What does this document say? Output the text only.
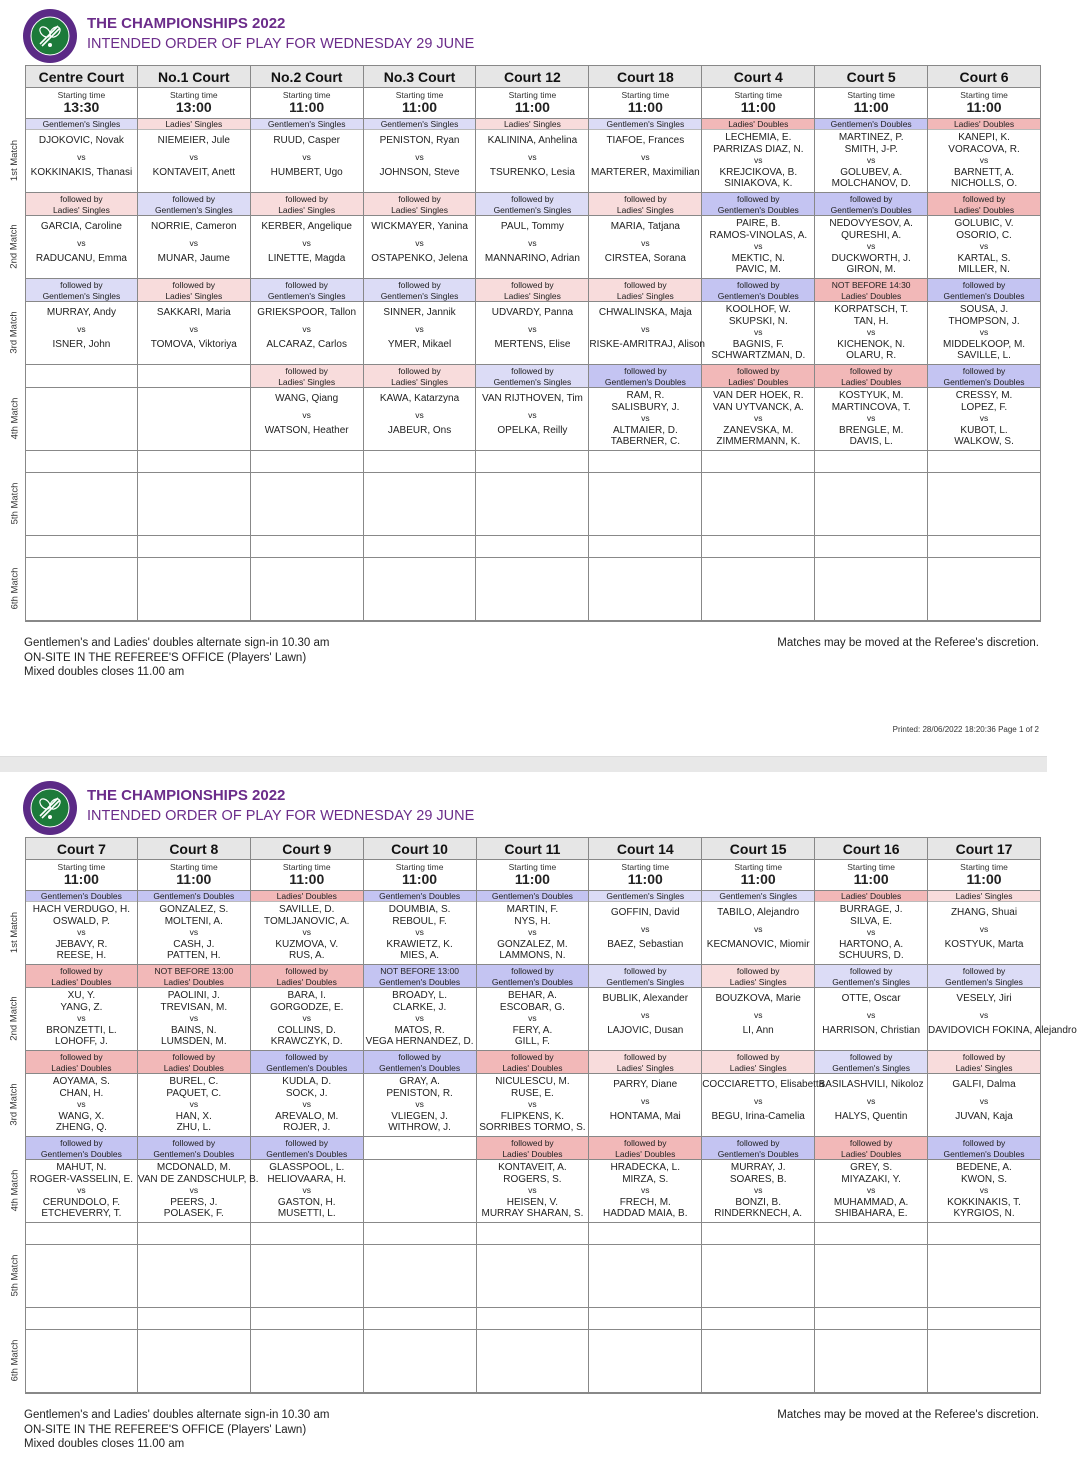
THE CHAMPIONSHIPS 2022
INTENDED ORDER OF PLAY FOR WEDNESDAY 29 JUNE
1st Match
2nd Match
3rd Match
4th Match
5th Match
6th Match
Centre Court
Starting time
13:30
Gentlemen's Singles
DJOKOVIC, Novak
vs
KOKKINAKIS, Thanasi
followed by
Ladies' Singles
GARCIA, Caroline
vs
RADUCANU, Emma
followed by
Gentlemen's Singles
MURRAY, Andy
vs
ISNER, John
No.1 Court
Starting time
13:00
Ladies' Singles
NIEMEIER, Jule
vs
KONTAVEIT, Anett
followed by
Gentlemen's Singles
NORRIE, Cameron
vs
MUNAR, Jaume
followed by
Ladies' Singles
SAKKARI, Maria
vs
TOMOVA, Viktoriya
No.2 Court
Starting time
11:00
Gentlemen's Singles
RUUD, Casper
vs
HUMBERT, Ugo
followed by
Ladies' Singles
KERBER, Angelique
vs
LINETTE, Magda
followed by
Gentlemen's Singles
GRIEKSPOOR, Tallon
vs
ALCARAZ, Carlos
followed by
Ladies' Singles
WANG, Qiang
vs
WATSON, Heather
No.3 Court
Starting time
11:00
Gentlemen's Singles
PENISTON, Ryan
vs
JOHNSON, Steve
followed by
Ladies' Singles
WICKMAYER, Yanina
vs
OSTAPENKO, Jelena
followed by
Gentlemen's Singles
SINNER, Jannik
vs
YMER, Mikael
followed by
Ladies' Singles
KAWA, Katarzyna
vs
JABEUR, Ons
Court 12
Starting time
11:00
Ladies' Singles
KALININA, Anhelina
vs
TSURENKO, Lesia
followed by
Gentlemen's Singles
PAUL, Tommy
vs
MANNARINO, Adrian
followed by
Ladies' Singles
UDVARDY, Panna
vs
MERTENS, Elise
followed by
Gentlemen's Singles
VAN RIJTHOVEN, Tim
vs
OPELKA, Reilly
Court 18
Starting time
11:00
Gentlemen's Singles
TIAFOE, Frances
vs
MARTERER, Maximilian
followed by
Ladies' Singles
MARIA, Tatjana
vs
CIRSTEA, Sorana
followed by
Ladies' Singles
CHWALINSKA, Maja
vs
RISKE-AMRITRAJ, Alison
followed by
Gentlemen's Doubles
RAM, R.
SALISBURY, J.
vs
ALTMAIER, D.
TABERNER, C.
Court 4
Starting time
11:00
Ladies' Doubles
LECHEMIA, E.
PARRIZAS DIAZ, N.
vs
KREJCIKOVA, B.
SINIAKOVA, K.
followed by
Gentlemen's Doubles
PAIRE, B.
RAMOS-VINOLAS, A.
vs
MEKTIC, N.
PAVIC, M.
followed by
Gentlemen's Doubles
KOOLHOF, W.
SKUPSKI, N.
vs
BAGNIS, F.
SCHWARTZMAN, D.
followed by
Ladies' Doubles
VAN DER HOEK, R.
VAN UYTVANCK, A.
vs
ZANEVSKA, M.
ZIMMERMANN, K.
Court 5
Starting time
11:00
Gentlemen's Doubles
MARTINEZ, P.
SMITH, J-P.
vs
GOLUBEV, A.
MOLCHANOV, D.
followed by
Gentlemen's Doubles
NEDOVYESOV, A.
QURESHI, A.
vs
DUCKWORTH, J.
GIRON, M.
NOT BEFORE 14:30
Ladies' Doubles
KORPATSCH, T.
TAN, H.
vs
KICHENOK, N.
OLARU, R.
followed by
Ladies' Doubles
KOSTYUK, M.
MARTINCOVA, T.
vs
BRENGLE, M.
DAVIS, L.
Court 6
Starting time
11:00
Ladies' Doubles
KANEPI, K.
VORACOVA, R.
vs
BARNETT, A.
NICHOLLS, O.
followed by
Ladies' Doubles
GOLUBIC, V.
OSORIO, C.
vs
KARTAL, S.
MILLER, N.
followed by
Gentlemen's Doubles
SOUSA, J.
THOMPSON, J.
vs
MIDDELKOOP, M.
SAVILLE, L.
followed by
Gentlemen's Doubles
CRESSY, M.
LOPEZ, F.
vs
KUBOT, L.
WALKOW, S.
Gentlemen's and Ladies' doubles alternate sign-in 10.30 am
ON-SITE IN THE REFEREE'S OFFICE (Players' Lawn)
Mixed doubles closes 11.00 am
Matches may be moved at the Referee's discretion.
Printed: 28/06/2022 18:20:36 Page 1 of 2
THE CHAMPIONSHIPS 2022
INTENDED ORDER OF PLAY FOR WEDNESDAY 29 JUNE
1st Match
2nd Match
3rd Match
4th Match
5th Match
6th Match
Court 7
Starting time
11:00
Gentlemen's Doubles
HACH VERDUGO, H.
OSWALD, P.
vs
JEBAVY, R.
REESE, H.
followed by
Ladies' Doubles
XU, Y.
YANG, Z.
vs
BRONZETTI, L.
LOHOFF, J.
followed by
Ladies' Doubles
AOYAMA, S.
CHAN, H.
vs
WANG, X.
ZHENG, Q.
followed by
Gentlemen's Doubles
MAHUT, N.
ROGER-VASSELIN, E.
vs
CERUNDOLO, F.
ETCHEVERRY, T.
Court 8
Starting time
11:00
Gentlemen's Doubles
GONZALEZ, S.
MOLTENI, A.
vs
CASH, J.
PATTEN, H.
NOT BEFORE 13:00
Ladies' Doubles
PAOLINI, J.
TREVISAN, M.
vs
BAINS, N.
LUMSDEN, M.
followed by
Ladies' Doubles
BUREL, C.
PAQUET, C.
vs
HAN, X.
ZHU, L.
followed by
Gentlemen's Doubles
MCDONALD, M.
VAN DE ZANDSCHULP, B.
vs
PEERS, J.
POLASEK, F.
Court 9
Starting time
11:00
Ladies' Doubles
SAVILLE, D.
TOMLJANOVIC, A.
vs
KUZMOVA, V.
RUS, A.
followed by
Ladies' Doubles
BARA, I.
GORGODZE, E.
vs
COLLINS, D.
KRAWCZYK, D.
followed by
Gentlemen's Doubles
KUDLA, D.
SOCK, J.
vs
AREVALO, M.
ROJER, J.
followed by
Gentlemen's Doubles
GLASSPOOL, L.
HELIOVAARA, H.
vs
GASTON, H.
MUSETTI, L.
Court 10
Starting time
11:00
Gentlemen's Doubles
DOUMBIA, S.
REBOUL, F.
vs
KRAWIETZ, K.
MIES, A.
NOT BEFORE 13:00
Gentlemen's Doubles
BROADY, L.
CLARKE, J.
vs
MATOS, R.
VEGA HERNANDEZ, D.
followed by
Gentlemen's Doubles
GRAY, A.
PENISTON, R.
vs
VLIEGEN, J.
WITHROW, J.
Court 11
Starting time
11:00
Gentlemen's Doubles
MARTIN, F.
NYS, H.
vs
GONZALEZ, M.
LAMMONS, N.
followed by
Gentlemen's Doubles
BEHAR, A.
ESCOBAR, G.
vs
FERY, A.
GILL, F.
followed by
Ladies' Doubles
NICULESCU, M.
RUSE, E.
vs
FLIPKENS, K.
SORRIBES TORMO, S.
followed by
Ladies' Doubles
KONTAVEIT, A.
ROGERS, S.
vs
HEISEN, V.
MURRAY SHARAN, S.
Court 14
Starting time
11:00
Gentlemen's Singles
GOFFIN, David
vs
BAEZ, Sebastian
followed by
Gentlemen's Singles
BUBLIK, Alexander
vs
LAJOVIC, Dusan
followed by
Ladies' Singles
PARRY, Diane
vs
HONTAMA, Mai
followed by
Ladies' Doubles
HRADECKA, L.
MIRZA, S.
vs
FRECH, M.
HADDAD MAIA, B.
Court 15
Starting time
11:00
Gentlemen's Singles
TABILO, Alejandro
vs
KECMANOVIC, Miomir
followed by
Ladies' Singles
BOUZKOVA, Marie
vs
LI, Ann
followed by
Ladies' Singles
COCCIARETTO, Elisabetta
vs
BEGU, Irina-Camelia
followed by
Gentlemen's Doubles
MURRAY, J.
SOARES, B.
vs
BONZI, B.
RINDERKNECH, A.
Court 16
Starting time
11:00
Ladies' Doubles
BURRAGE, J.
SILVA, E.
vs
HARTONO, A.
SCHUURS, D.
followed by
Gentlemen's Singles
OTTE, Oscar
vs
HARRISON, Christian
followed by
Gentlemen's Singles
BASILASHVILI, Nikoloz
vs
HALYS, Quentin
followed by
Ladies' Doubles
GREY, S.
MIYAZAKI, Y.
vs
MUHAMMAD, A.
SHIBAHARA, E.
Court 17
Starting time
11:00
Ladies' Singles
ZHANG, Shuai
vs
KOSTYUK, Marta
followed by
Gentlemen's Singles
VESELY, Jiri
vs
DAVIDOVICH FOKINA, Alejandro
followed by
Ladies' Singles
GALFI, Dalma
vs
JUVAN, Kaja
followed by
Gentlemen's Doubles
BEDENE, A.
KWON, S.
vs
KOKKINAKIS, T.
KYRGIOS, N.
Gentlemen's and Ladies' doubles alternate sign-in 10.30 am
ON-SITE IN THE REFEREE'S OFFICE (Players' Lawn)
Mixed doubles closes 11.00 am
Matches may be moved at the Referee's discretion.
